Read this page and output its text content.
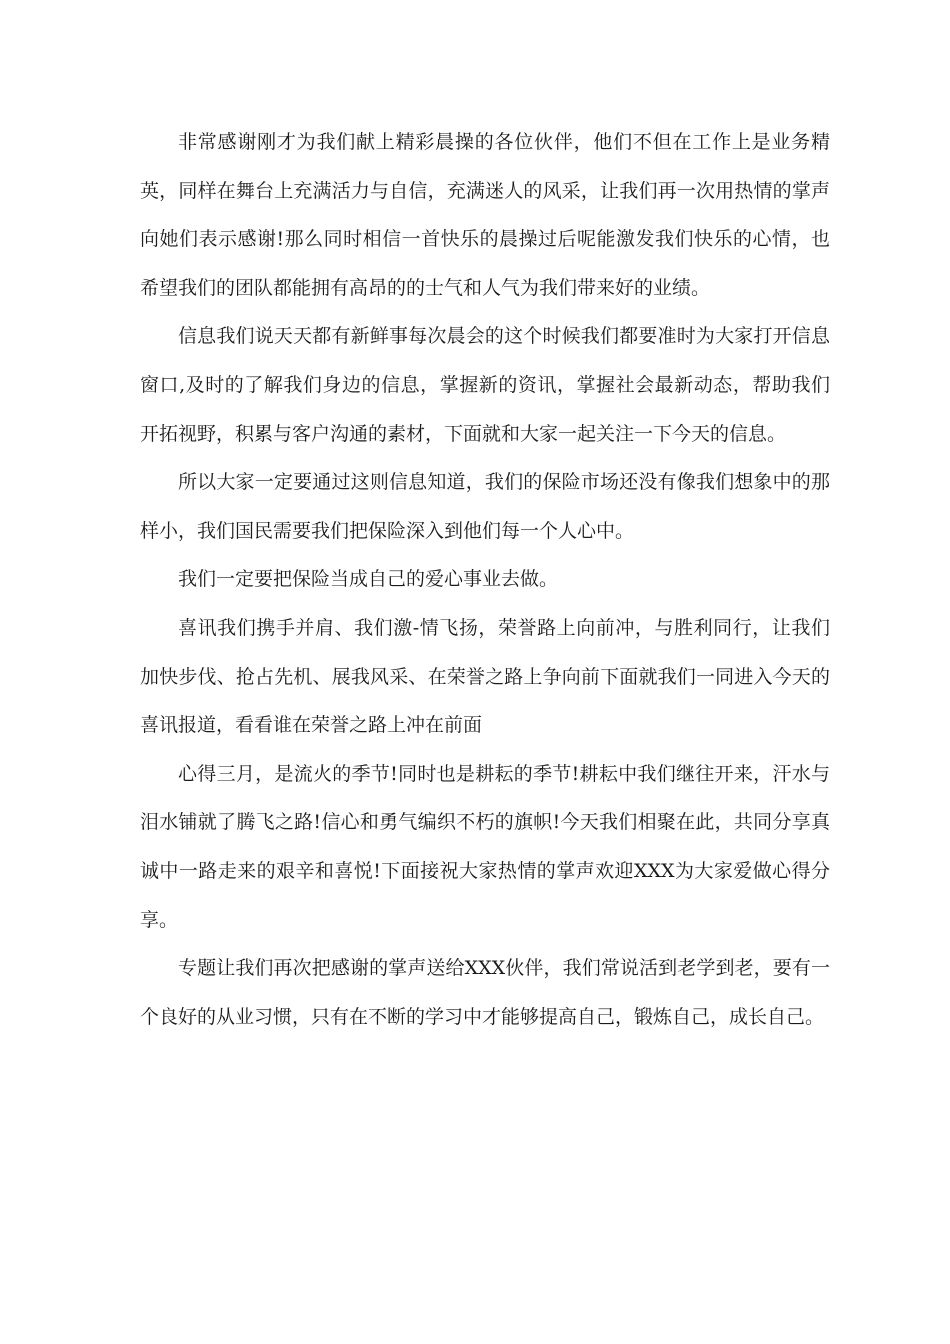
非常感谢刚才为我们献上精彩晨操的各位伙伴，他们不但在工作上是业务精英，同样在舞台上充满活力与自信，充满迷人的风采，让我们再一次用热情的掌声向她们表示感谢!那么同时相信一首快乐的晨操过后呢能激发我们快乐的心情，也希望我们的团队都能拥有高昂的的士气和人气为我们带来好的业绩。

信息我们说天天都有新鲜事每次晨会的这个时候我们都要准时为大家打开信息窗口,及时的了解我们身边的信息，掌握新的资讯，掌握社会最新动态，帮助我们开拓视野，积累与客户沟通的素材，下面就和大家一起关注一下今天的信息。

所以大家一定要通过这则信息知道，我们的保险市场还没有像我们想象中的那样小，我们国民需要我们把保险深入到他们每一个人心中。

我们一定要把保险当成自己的爱心事业去做。

喜讯我们携手并肩、我们激-情飞扬，荣誉路上向前冲，与胜利同行，让我们加快步伐、抢占先机、展我风采、在荣誉之路上争向前下面就我们一同进入今天的喜讯报道，看看谁在荣誉之路上冲在前面

心得三月，是流火的季节!同时也是耕耘的季节!耕耘中我们继往开来，汗水与泪水铺就了腾飞之路!信心和勇气编织不朽的旗帜!今天我们相聚在此，共同分享真诚中一路走来的艰辛和喜悦!下面接祝大家热情的掌声欢迎XXX为大家爱做心得分享。

专题让我们再次把感谢的掌声送给XXX伙伴，我们常说活到老学到老，要有一个良好的从业习惯，只有在不断的学习中才能够提高自己，锻炼自己，成长自己。
